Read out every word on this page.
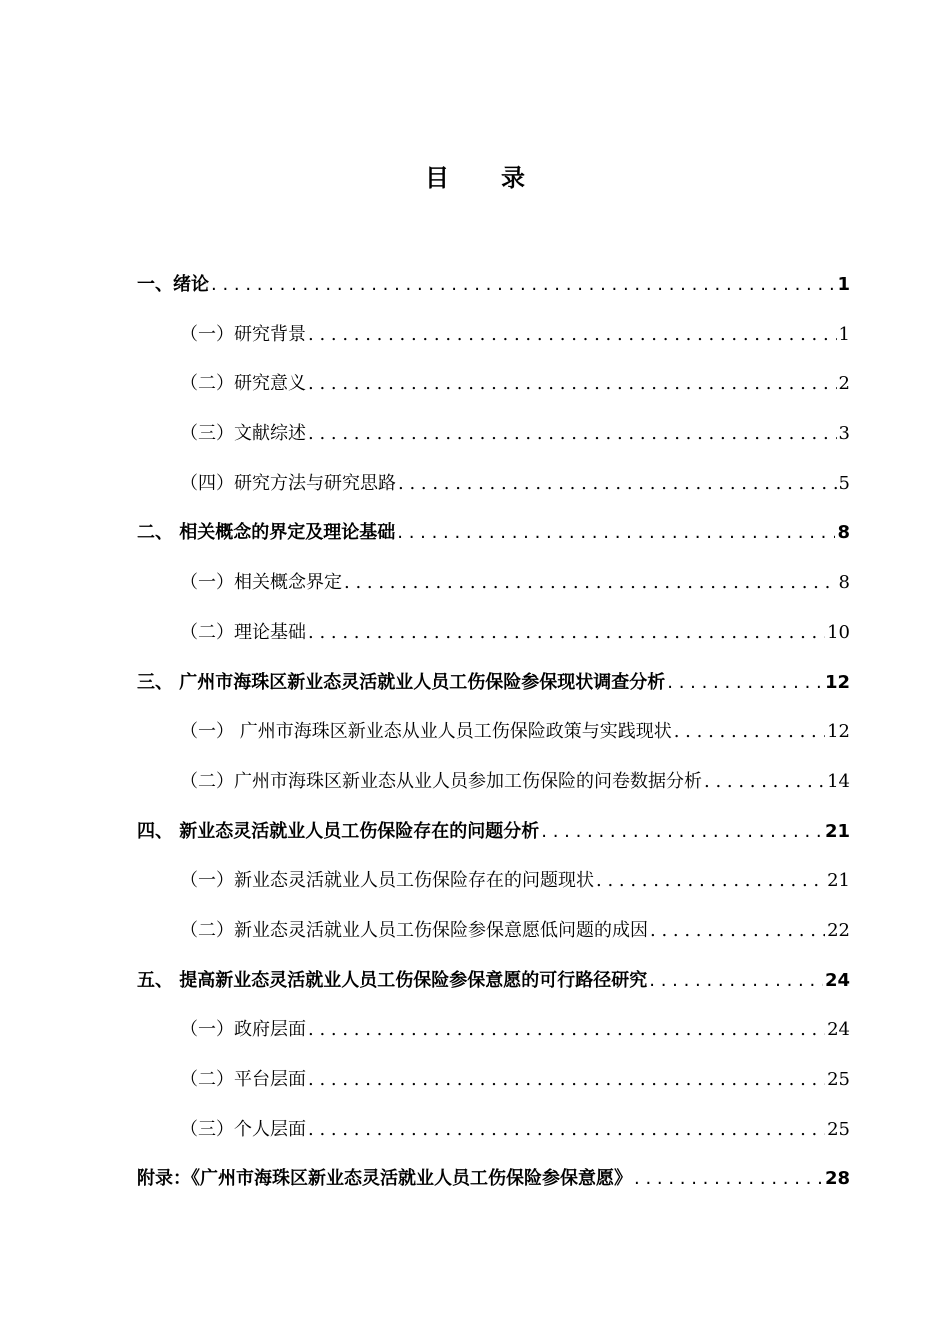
目录
一、绪论 . . .	1
（一）研究背景 . . .	1
（二）研究意义 . . .	2
（三）文献综述 . . .	3
（四）研究方法与研究思路 . . .	5
二、 相关概念的界定及理论基础 . . .	8
（一）相关概念界定 . . .	8
（二）理论基础 . . .	10
三、 广州市海珠区新业态灵活就业人员工伤保险参保现状调查分析 . . .	12
（一） 广州市海珠区新业态从业人员工伤保险政策与实践现状 . . .	12
（二）广州市海珠区新业态从业人员参加工伤保险的问卷数据分析 . . .	14
四、 新业态灵活就业人员工伤保险存在的问题分析 . . .	21
（一）新业态灵活就业人员工伤保险存在的问题现状 . . .	21
（二）新业态灵活就业人员工伤保险参保意愿低问题的成因 . . .	22
五、 提高新业态灵活就业人员工伤保险参保意愿的可行路径研究 . . .	24
（一）政府层面 . . .	24
（二）平台层面 . . .	25
（三）个人层面 . . .	25
附录：《广州市海珠区新业态灵活就业人员工伤保险参保意愿》 . . .	28
